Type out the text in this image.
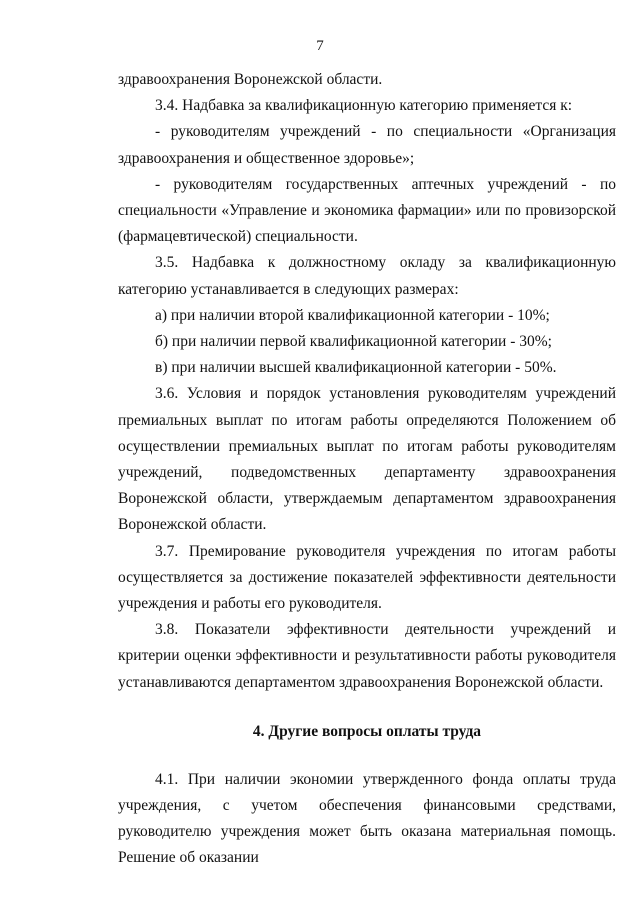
7

здравоохранения Воронежской области.

3.4. Надбавка за квалификационную категорию применяется к:

- руководителям учреждений - по специальности «Организация здравоохранения и общественное здоровье»;

- руководителям государственных аптечных учреждений - по специальности «Управление и экономика фармации» или по провизорской (фармацевтической) специальности.

3.5. Надбавка к должностному окладу за квалификационную категорию устанавливается в следующих размерах:

а) при наличии второй квалификационной категории - 10%;

б) при наличии первой квалификационной категории - 30%;

в) при наличии высшей квалификационной категории - 50%.

3.6. Условия и порядок установления руководителям учреждений премиальных выплат по итогам работы определяются Положением об осуществлении премиальных выплат по итогам работы руководителям учреждений, подведомственных департаменту здравоохранения Воронежской области, утверждаемым департаментом здравоохранения Воронежской области.

3.7. Премирование руководителя учреждения по итогам работы осуществляется за достижение показателей эффективности деятельности учреждения и работы его руководителя.

3.8. Показатели эффективности деятельности учреждений и критерии оценки эффективности и результативности работы руководителя устанавливаются департаментом здравоохранения Воронежской области.

4. Другие вопросы оплаты труда

4.1. При наличии экономии утвержденного фонда оплаты труда учреждения, с учетом обеспечения финансовыми средствами, руководителю учреждения может быть оказана материальная помощь. Решение об оказании
